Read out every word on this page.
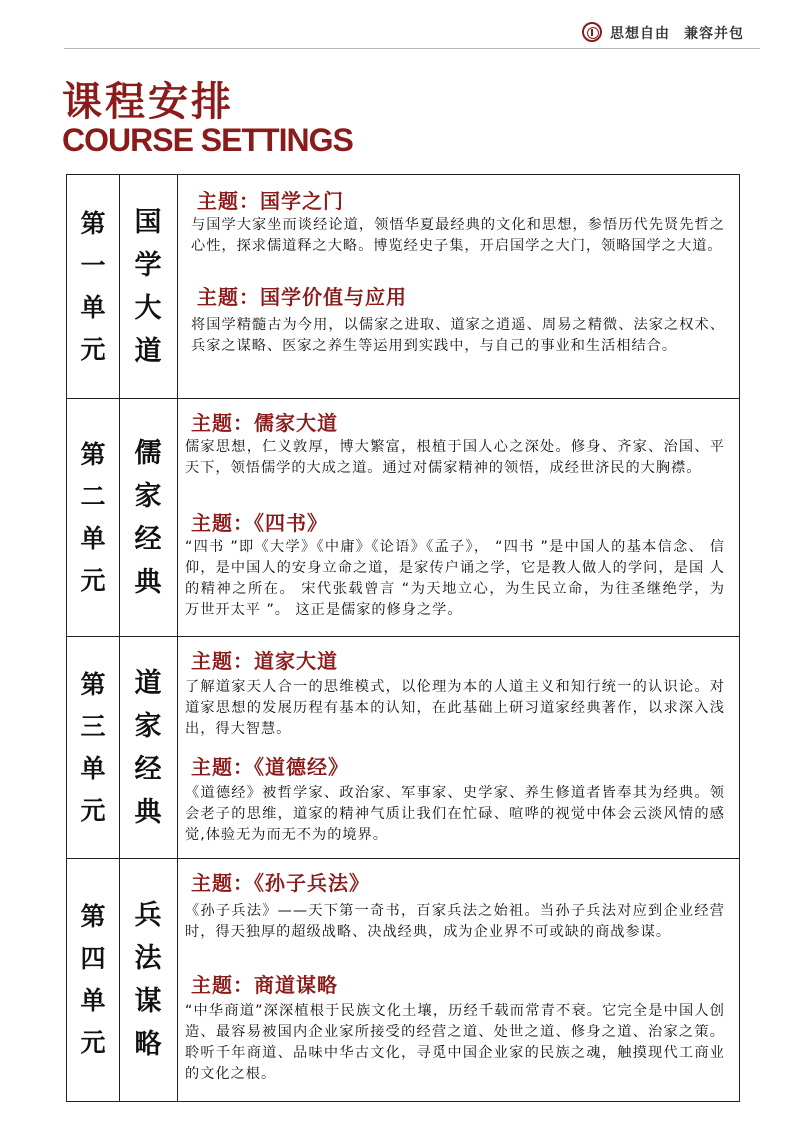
思想自由 兼容并包
课程安排
COURSE SETTINGS
第
一
单
元
国
学
大
道
主题：国学之门
与国学大家坐而谈经论道，领悟华夏最经典的文化和思想，参悟历代先贤先哲之心性，探求儒道释之大略。博览经史子集，开启国学之大门，领略国学之大道。
主题：国学价值与应用
将国学精髓古为今用，以儒家之进取、道家之逍遥、周易之精微、法家之权术、兵家之谋略、医家之养生等运用到实践中，与自己的事业和生活相结合。
第
二
单
元
儒
家
经
典
主题：儒家大道
儒家思想，仁义敦厚，博大繁富，根植于国人心之深处。修身、齐家、治国、平天下，领悟儒学的大成之道。通过对儒家精神的领悟，成经世济民的大胸襟。
主题：《四书》
“四书 ”即《大学》《中庸》《论语》《孟子》， “四书 ”是中国人的基本信念、 信仰，是中国人的安身立命之道，是家传户诵之学，它是教人做人的学问，是国 人的精神之所在。 宋代张载曾言 “为天地立心，为生民立命，为往圣继绝学，为 万世开太平 ”。 这正是儒家的修身之学。
第
三
单
元
道
家
经
典
主题：道家大道
了解道家天人合一的思维模式，以伦理为本的人道主义和知行统一的认识论。对道家思想的发展历程有基本的认知，在此基础上研习道家经典著作，以求深入浅出，得大智慧。
主题：《道德经》
《道德经》被哲学家、政治家、军事家、史学家、养生修道者皆奉其为经典。领会老子的思维，道家的精神气质让我们在忙碌、喧哗的视觉中体会云淡风情的感觉,体验无为而无不为的境界。
第
四
单
元
兵
法
谋
略
主题：《孙子兵法》
《孙子兵法》——天下第一奇书，百家兵法之始祖。当孙子兵法对应到企业经营时，得天独厚的超级战略、决战经典，成为企业界不可或缺的商战参谋。
主题：商道谋略
“中华商道”深深植根于民族文化土壤，历经千载而常青不衰。它完全是中国人创造、最容易被国内企业家所接受的经营之道、处世之道、修身之道、治家之策。聆听千年商道、品味中华古文化，寻觅中国企业家的民族之魂，触摸现代工商业的文化之根。
